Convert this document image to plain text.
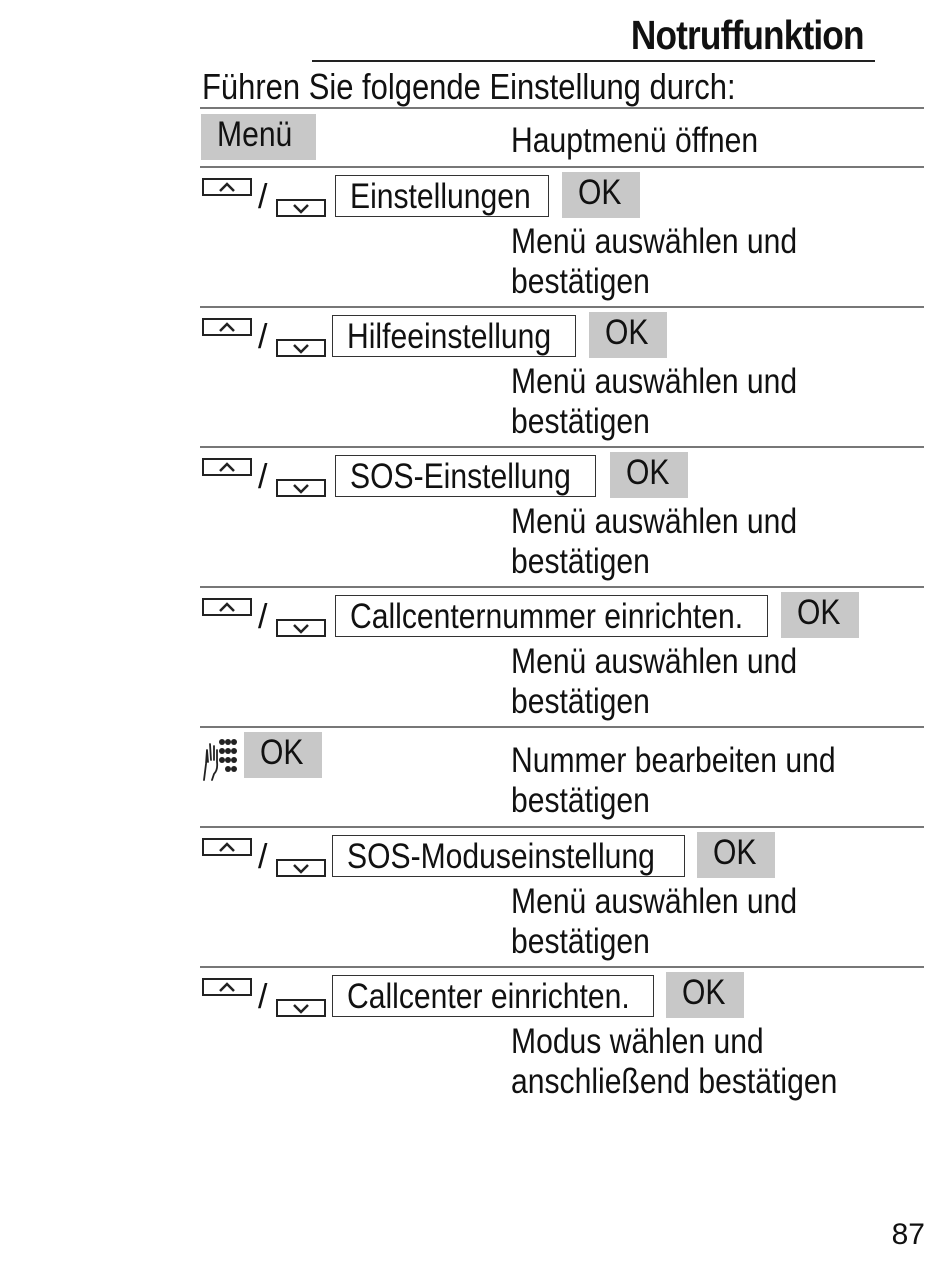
Notruffunktion
Führen Sie folgende Einstellung durch:
Menü	Hauptmenü öffnen
/ Einstellungen OK
Menü auswählen und
bestätigen
/ Hilfeeinstellung OK
Menü auswählen und
bestätigen
/ SOS-Einstellung OK
Menü auswählen und
bestätigen
/ Callcenternummer einrichten. OK
Menü auswählen und
bestätigen
OK	Nummer bearbeiten und
bestätigen
/ SOS-Moduseinstellung OK
Menü auswählen und
bestätigen
/ Callcenter einrichten. OK
Modus wählen und
anschließend bestätigen
87
